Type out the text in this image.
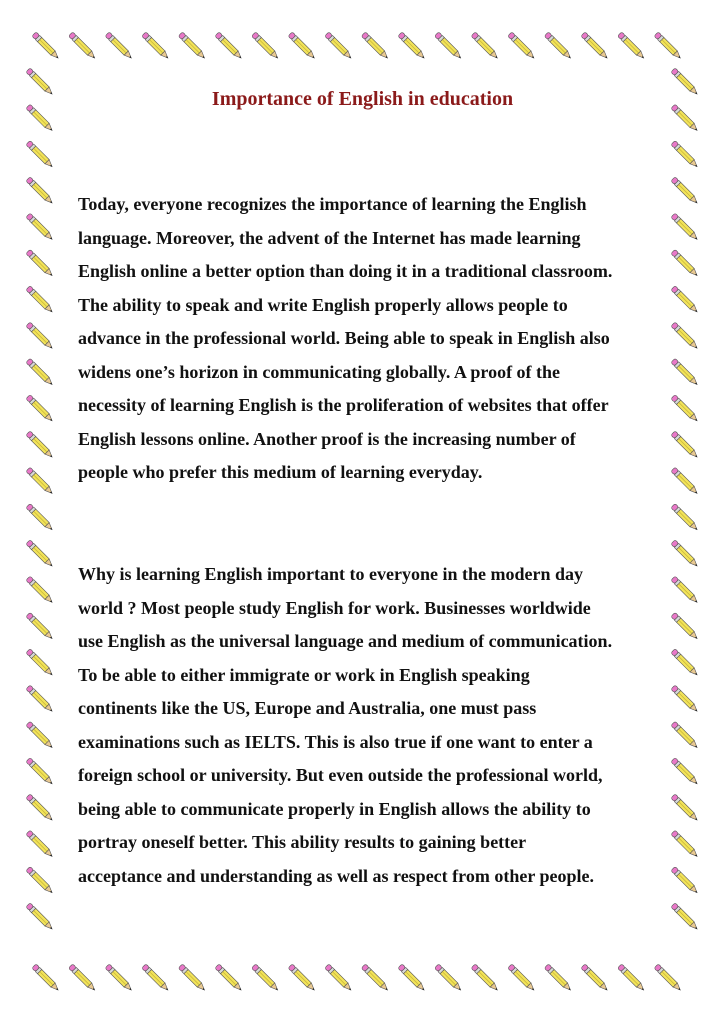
Importance of English in education
Today, everyone recognizes the importance of learning the English
language. Moreover, the advent of the Internet has made learning
English online a better option than doing it in a traditional classroom.
The ability to speak and write English properly allows people to
advance in the professional world. Being able to speak in English also
widens one’s horizon in communicating globally. A proof of the
necessity of learning English is the proliferation of websites that offer
English lessons online. Another proof is the increasing number of
people who prefer this medium of learning everyday.
Why is learning English important to everyone in the modern day
world ? Most people study English for work. Businesses worldwide
use English as the universal language and medium of communication.
To be able to either immigrate or work in English speaking
continents like the US, Europe and Australia, one must pass
examinations such as IELTS. This is also true if one want to enter a
foreign school or university. But even outside the professional world,
being able to communicate properly in English allows the ability to
portray oneself better. This ability results to gaining better
acceptance and understanding as well as respect from other people.
